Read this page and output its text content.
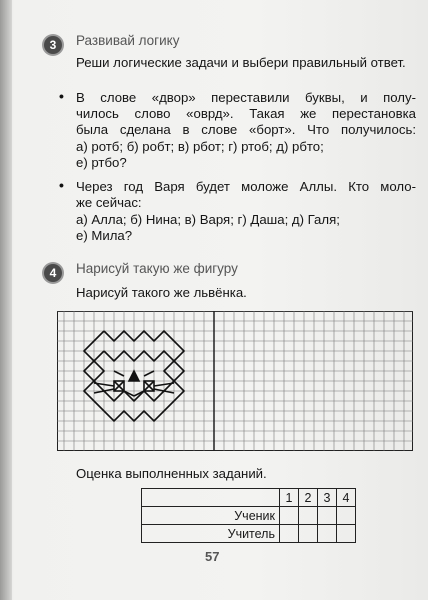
3	Развивай логику
Реши логические задачи и выбери правильный ответ.
• В слове «двор» переставили буквы, и полу-
чилось слово «оврд». Такая же перестановка
была сделана в слове «борт». Что получилось:
а) ротб; б) робт; в) рбот; г) ртоб; д) рбто;
е) ртбо?
• Через год Варя будет моложе Аллы. Кто моло-
же сейчас:
а) Алла; б) Нина; в) Варя; г) Даша; д) Галя;
е) Мила?
4	Нарисуй такую же фигуру
Нарисуй такого же львёнка.
Оценка выполненных заданий.
	1	2	3	4
Ученик				
Учитель				
57
